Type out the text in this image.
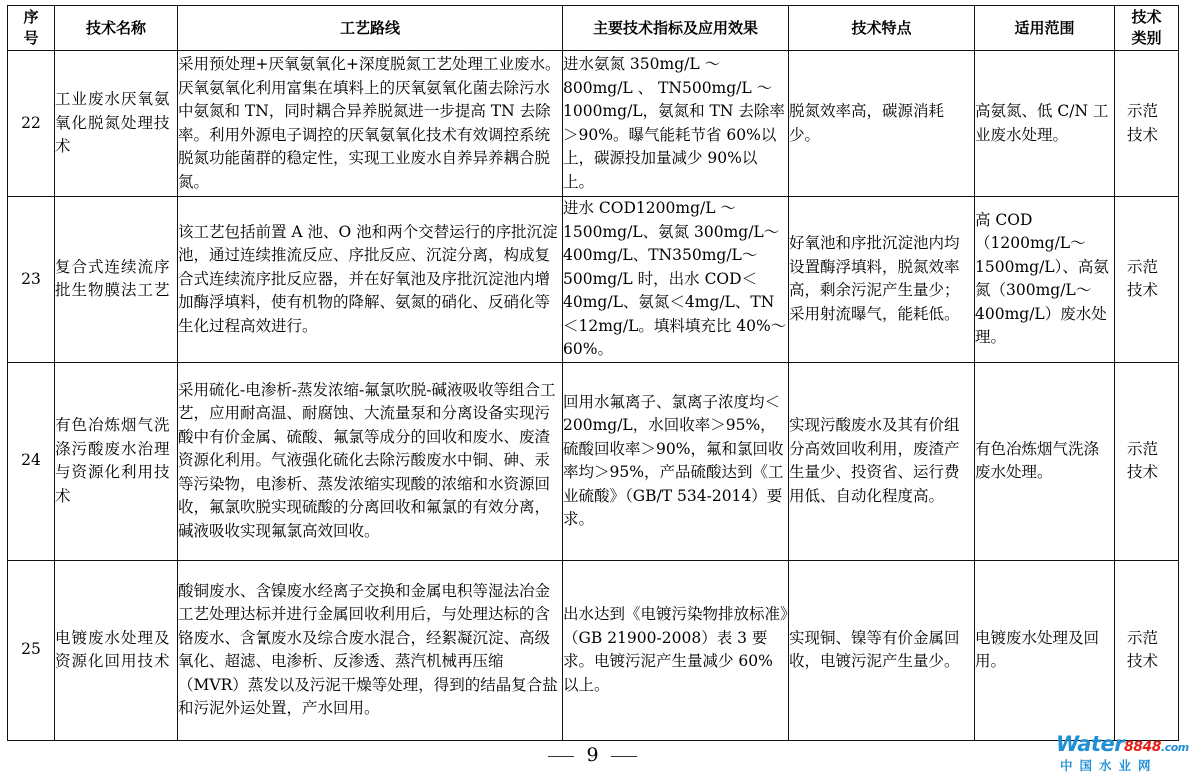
序号	技术名称	工艺路线	主要技术指标及应用效果	技术特点	适用范围	技术类别
22	工业废水厌氧氨氧化脱氮处理技术	采用预处理+厌氧氨氧化+深度脱氮工艺处理工业废水。厌氧氨氧化利用富集在填料上的厌氧氨氧化菌去除污水中氨氮和 TN，同时耦合异养脱氮进一步提高 TN 去除率。利用外源电子调控的厌氧氨氧化技术有效调控系统脱氮功能菌群的稳定性，实现工业废水自养异养耦合脱氮。	进水氨氮 350mg/L ～ 800mg/L 、 TN500mg/L ～ 1000mg/L，氨氮和 TN 去除率＞90%。曝气能耗节省 60%以上，碳源投加量减少 90%以上。	脱氮效率高，碳源消耗少。	高氨氮、低 C/N 工业废水处理。	示范技术
23	复合式连续流序批生物膜法工艺	该工艺包括前置 A 池、O 池和两个交替运行的序批沉淀池，通过连续推流反应、序批反应、沉淀分离，构成复合式连续流序批反应器，并在好氧池及序批沉淀池内增加酶浮填料，使有机物的降解、氨氮的硝化、反硝化等生化过程高效进行。	进水 COD1200mg/L ～ 1500mg/L、氨氮 300mg/L～400mg/L、TN350mg/L～500mg/L 时，出水 COD＜40mg/L、氨氮＜4mg/L、TN＜12mg/L。填料填充比 40%～60%。	好氧池和序批沉淀池内均设置酶浮填料，脱氮效率高，剩余污泥产生量少；采用射流曝气，能耗低。	高 COD（1200mg/L～1500mg/L）、高氨氮（300mg/L～400mg/L）废水处理。	示范技术
24	有色冶炼烟气洗涤污酸废水治理与资源化利用技术	采用硫化-电渗析-蒸发浓缩-氟氯吹脱-碱液吸收等组合工艺，应用耐高温、耐腐蚀、大流量泵和分离设备实现污酸中有价金属、硫酸、氟氯等成分的回收和废水、废渣资源化利用。气液强化硫化去除污酸废水中铜、砷、汞等污染物，电渗析、蒸发浓缩实现酸的浓缩和水资源回收，氟氯吹脱实现硫酸的分离回收和氟氯的有效分离，碱液吸收实现氟氯高效回收。	回用水氟离子、氯离子浓度均＜200mg/L，水回收率＞95%，硫酸回收率＞90%，氟和氯回收率均＞95%，产品硫酸达到《工业硫酸》（GB/T 534-2014）要求。	实现污酸废水及其有价组分高效回收利用，废渣产生量少、投资省、运行费用低、自动化程度高。	有色冶炼烟气洗涤废水处理。	示范技术
25	电镀废水处理及资源化回用技术	酸铜废水、含镍废水经离子交换和金属电积等湿法冶金工艺处理达标并进行金属回收利用后，与处理达标的含铬废水、含氰废水及综合废水混合，经絮凝沉淀、高级氧化、超滤、电渗析、反渗透、蒸汽机械再压缩（MVR）蒸发以及污泥干燥等处理，得到的结晶复合盐和污泥外运处置，产水回用。	出水达到《电镀污染物排放标准》（GB 21900-2008）表 3 要求。电镀污泥产生量减少 60%以上。	实现铜、镍等有价金属回收，电镀污泥产生量少。	电镀废水处理及回用。	示范技术
9	Water8848.com
中国水业网
